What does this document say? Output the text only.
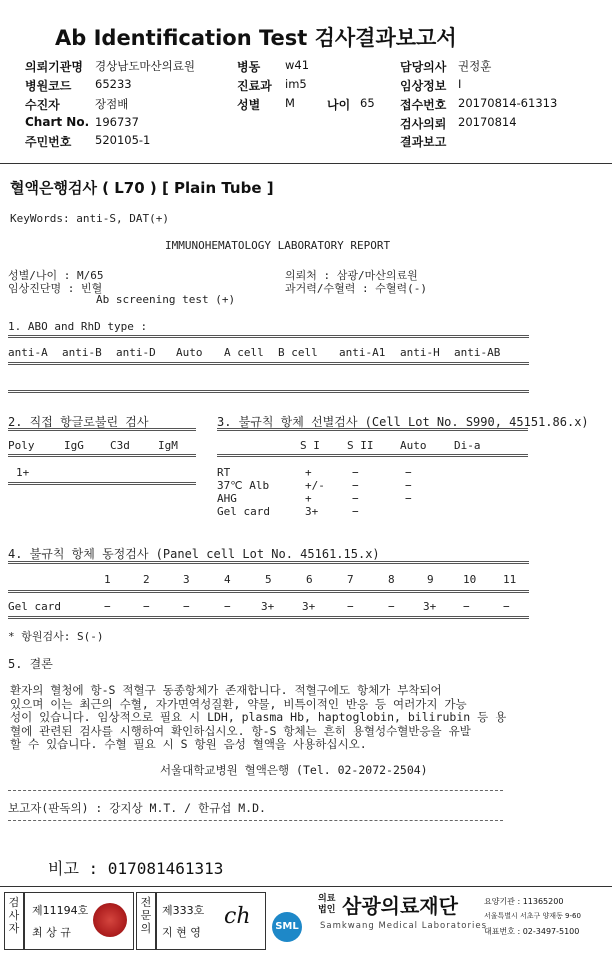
Ab Identification Test 검사결과보고서
의뢰기관명 경상남도마산의료원
병원코드 65233
수진자	장점배
Chart No. 196737
주민번호 520105-1
병동 w41
진료과 im5
성별 M	나이 65
담당의사 권정훈
임상정보 I
접수번호 20170814-61313
검사의뢰 20170814
결과보고
혈액은행검사 ( L70 ) [ Plain Tube ]
KeyWords: anti-S, DAT(+)
IMMUNOHEMATOLOGY LABORATORY REPORT
성별/나이 : M/65	의뢰처 : 삼광/마산의료원
임상진단명 : 빈혈	과거력/수혈력 : 수혈력(-)
Ab screening test (+)
1. ABO and RhD type :
anti-A anti-B anti-D Auto A cell B cell anti-A1 anti-H anti-AB
2. 직접 항글로불린 검사
Poly	IgG C3d	IgM
1+
3. 불규칙 항체 선별검사 (Cell Lot No. S990, 45151.86.x)
S I S II Auto	Di-a
RT	+	−	−
37℃ Alb	+/- −	−
AHG	+	−	−
Gel card	3+	−
4. 불규칙 항체 동정검사 (Panel cell Lot No. 45161.15.x)
1	2	3	4	5	6	7	8	9	10 11
Gel card	−	−	−	−	3+	3+	−	−	3+ −	−
* 항원검사: S(-)
5. 결론
환자의 혈청에 항-S 적혈구 동종항체가 존재합니다. 적혈구에도 항체가 부착되어
있으며 이는 최근의 수혈, 자가면역성질환, 약물, 비특이적인 반응 등 여러가지 가능
성이 있습니다. 임상적으로 필요 시 LDH, plasma Hb, haptoglobin, bilirubin 등 용
혈에 관련된 검사를 시행하여 확인하십시오. 항-S 항체는 흔히 용혈성수혈반응을 유발
할 수 있습니다. 수혈 필요 시 S 항원 음성 혈액을 사용하십시오.
서울대학교병원 혈액은행 (Tel. 02-2072-2504)
보고자(판독의) : 강지상 M.T. / 한규섭 M.D.
비고 : 017081461313
검사자
제11194호
최 상 규
전문의
제333호
지 현 영
ch	SML
의료법인 삼광의료재단
Samkwang Medical Laboratories
요양기관 : 11365200
서울특별시 서초구 양재동 9-60
대표번호 : 02-3497-5100
